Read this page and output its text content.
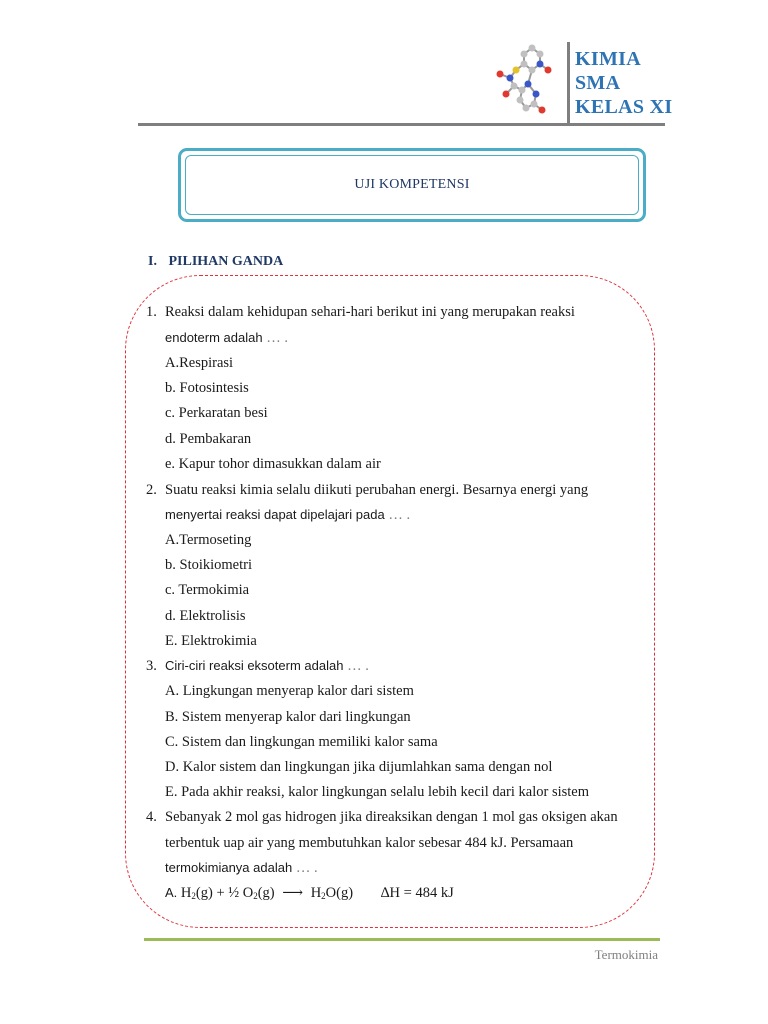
KIMIA
SMA
KELAS XI
UJI KOMPETENSI
I. PILIHAN GANDA
1. Reaksi dalam kehidupan sehari-hari berikut ini yang merupakan reaksi
endoterm adalah … .
A.Respirasi
b. Fotosintesis
c. Perkaratan besi
d. Pembakaran
e. Kapur tohor dimasukkan dalam air
2. Suatu reaksi kimia selalu diikuti perubahan energi. Besarnya energi yang
menyertai reaksi dapat dipelajari pada … .
A.Termoseting
b. Stoikiometri
c. Termokimia
d. Elektrolisis
E. Elektrokimia
3. Ciri-ciri reaksi eksoterm adalah … .
A. Lingkungan menyerap kalor dari sistem
B. Sistem menyerap kalor dari lingkungan
C. Sistem dan lingkungan memiliki kalor sama
D. Kalor sistem dan lingkungan jika dijumlahkan sama dengan nol
E. Pada akhir reaksi, kalor lingkungan selalu lebih kecil dari kalor sistem
4. Sebanyak 2 mol gas hidrogen jika direaksikan dengan 1 mol gas oksigen akan
terbentuk uap air yang membutuhkan kalor sebesar 484 kJ. Persamaan
termokimianya adalah … .
A. $H_2(g)$ + ½ $O_2(g)$ ⟶ $H_2O(g) \Delta H = 484$ kJ
Termokimia
